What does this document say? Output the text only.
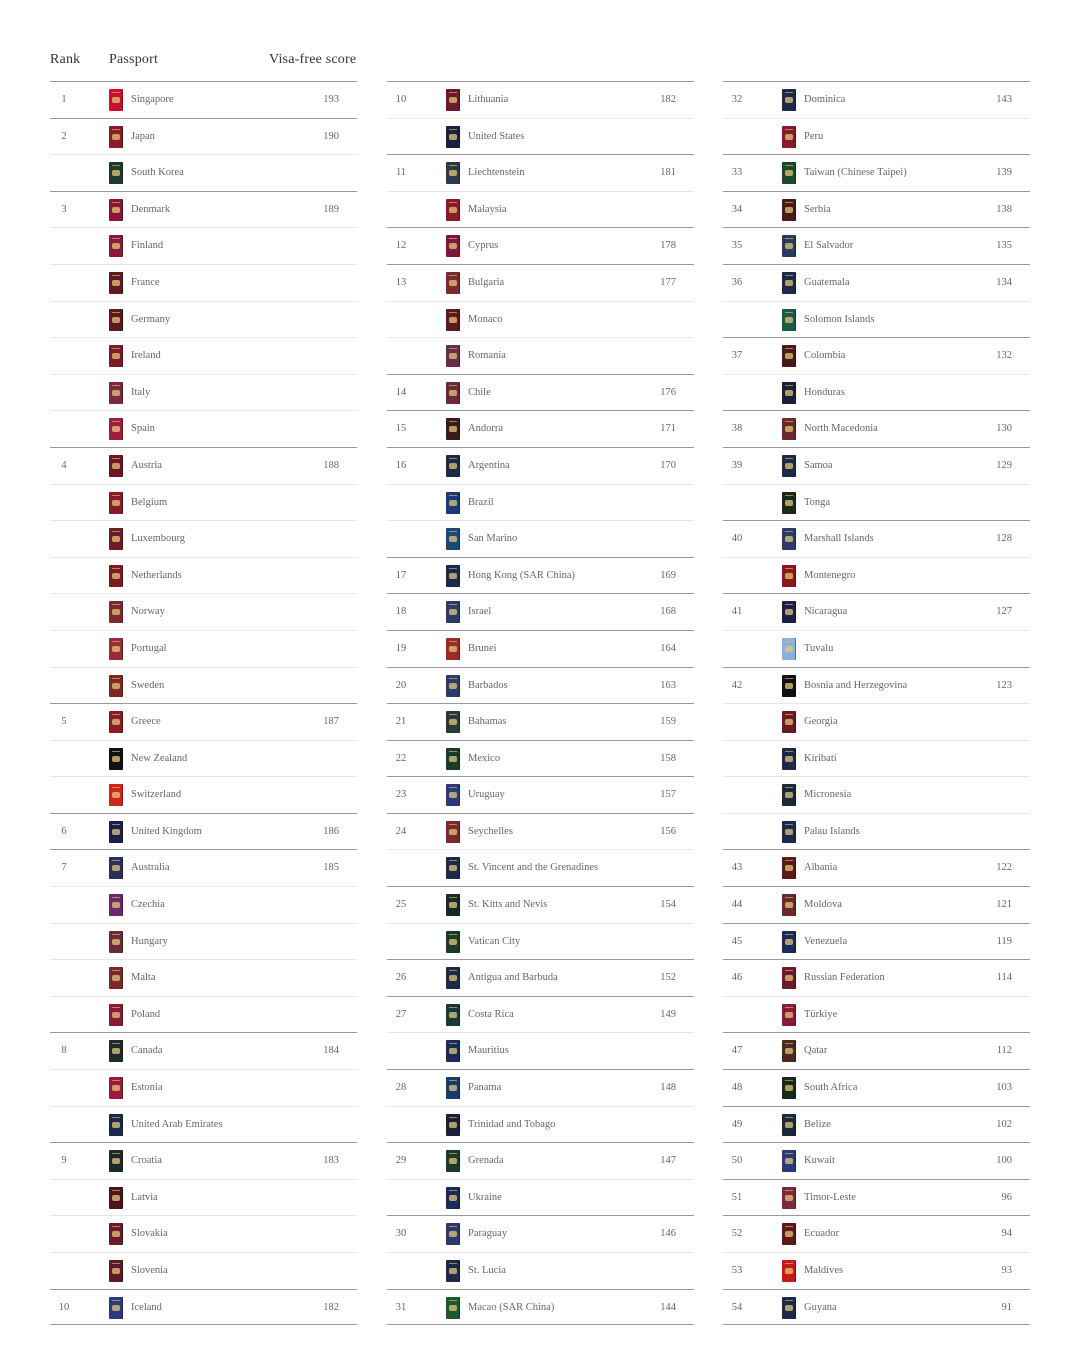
Rank Passport	Visa-free score
1	Singapore	193
2	Japan	190
South Korea
3	Denmark	189
Finland
France
Germany
Ireland
Italy
Spain
4	Austria	188
Belgium
Luxembourg
Netherlands
Norway
Portugal
Sweden
5	Greece	187
New Zealand
Switzerland
6	United Kingdom	186
7	Australia	185
Czechia
Hungary
Malta
Poland
8	Canada	184
Estonia
United Arab Emirates
9	Croatia	183
Latvia
Slovakia
Slovenia
10	Iceland	182
10	Lithuania	182
United States
11	Liechtenstein	181
Malaysia
12	Cyprus	178
13	Bulgaria	177
Monaco
Romania
14	Chile	176
15	Andorra	171
16	Argentina	170
Brazil
San Marino
17	Hong Kong (SAR China)	169
18	Israel	168
19	Brunei	164
20	Barbados	163
21	Bahamas	159
22	Mexico	158
23	Uruguay	157
24	Seychelles	156
St. Vincent and the Grenadines
25	St. Kitts and Nevis	154
Vatican City
26	Antigua and Barbuda	152
27	Costa Rica	149
Mauritius
28	Panama	148
Trinidad and Tobago
29	Grenada	147
Ukraine
30	Paraguay	146
St. Lucia
31	Macao (SAR China)	144
32	Dominica	143
Peru
33	Taiwan (Chinese Taipei)	139
34	Serbia	138
35	El Salvador	135
36	Guatemala	134
Solomon Islands
37	Colombia	132
Honduras
38	North Macedonia	130
39	Samoa	129
Tonga
40	Marshall Islands	128
Montenegro
41	Nicaragua	127
Tuvalu
42	Bosnia and Herzegovina	123
Georgia
Kiribati
Micronesia
Palau Islands
43	Albania	122
44	Moldova	121
45	Venezuela	119
46	Russian Federation	114
Türkiye
47	Qatar	112
48	South Africa	103
49	Belize	102
50	Kuwait	100
51	Timor-Leste	96
52	Ecuador	94
53	Maldives	93
54	Guyana	91
